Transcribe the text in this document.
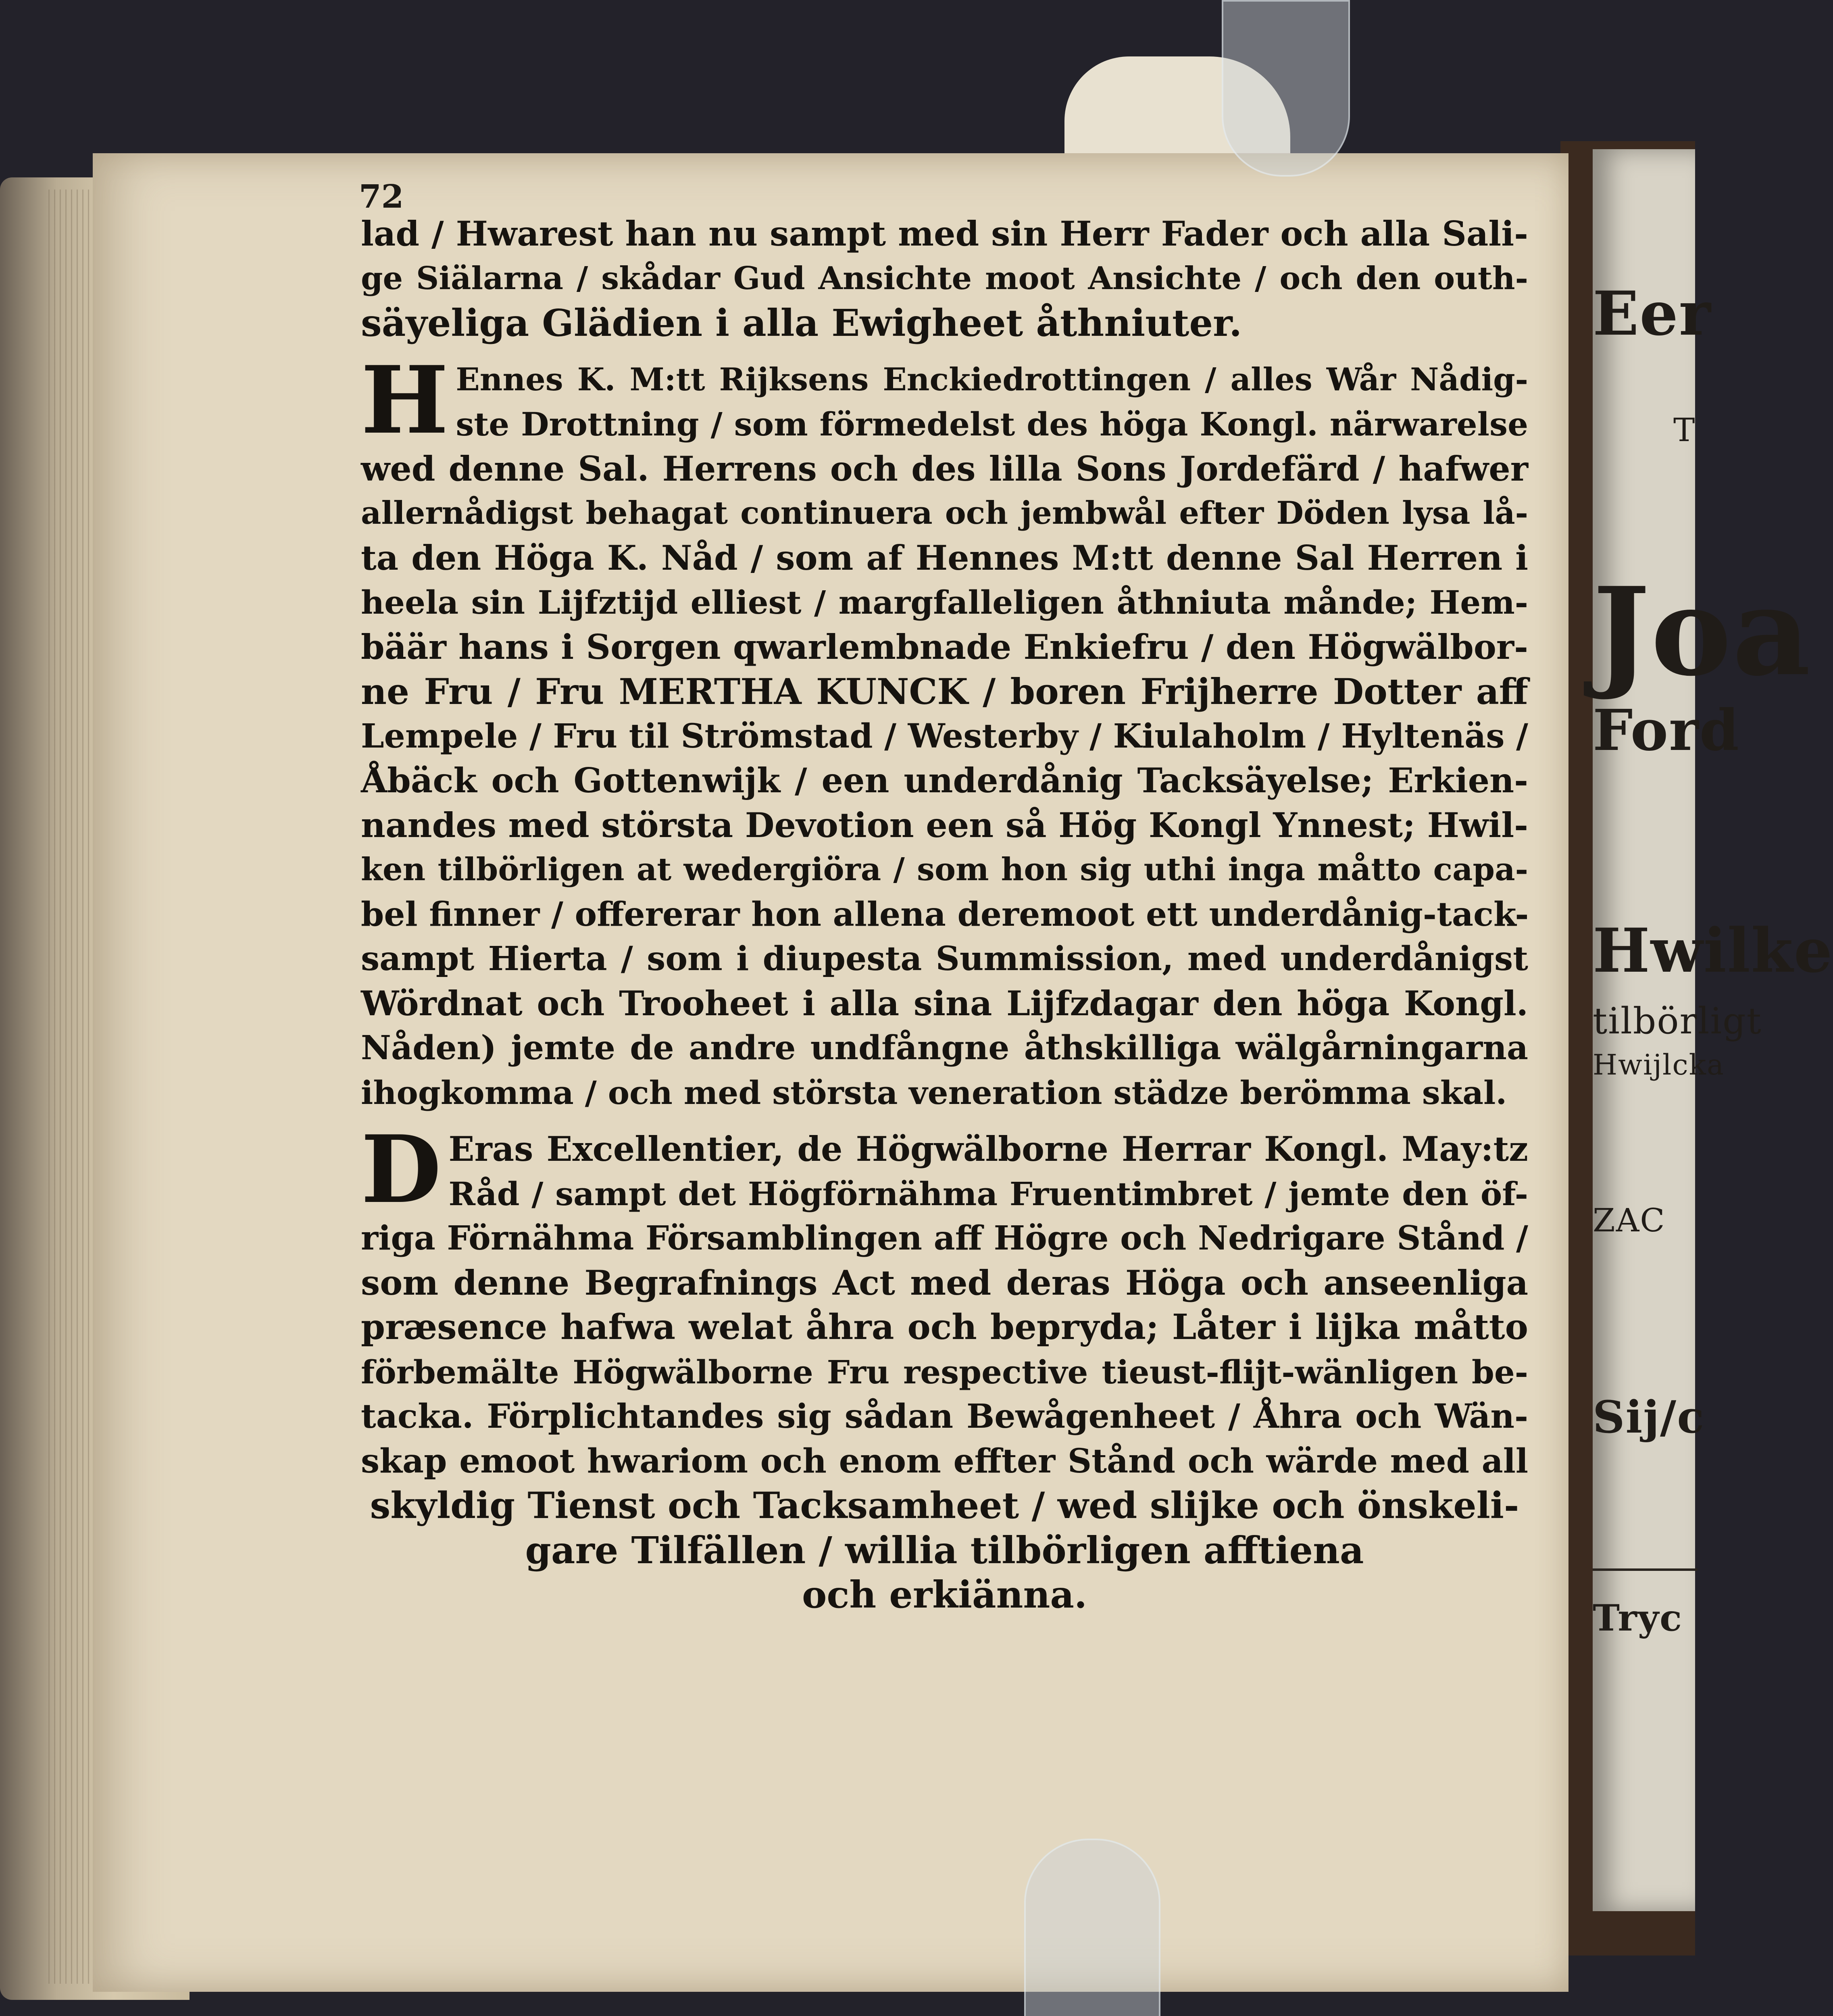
Eer
T
Joa
Ford
Hwilke
tilbörligt
Hwijlcka
ZAC
Sij/c
Tryc
72
lad / Hwarest han nu sampt med sin Herr Fader och alla Sali-
ge Siälarna / skådar Gud Ansichte moot Ansichte / och den outh-
säyeliga Glädien i alla Ewigheet åthniuter.
H Ennes K. M:tt Rijksens Enckiedrottingen / alles Wår Nådig-
ste Drottning / som förmedelst des höga Kongl. närwarelse
wed denne Sal. Herrens och des lilla Sons Jordefärd / hafwer
allernådigst behagat continuera och jembwål efter Döden lysa lå-
ta den Höga K. Nåd / som af Hennes M:tt denne Sal Herren i
heela sin Lijfztijd elliest / margfalleligen åthniuta månde; Hem-
bäär hans i Sorgen qwarlembnade Enkiefru / den Högwälbor-
ne Fru / Fru MERTHA KUNCK / boren Frijherre Dotter aff
Lempele / Fru til Strömstad / Westerby / Kiulaholm / Hyltenäs /
Åbäck och Gottenwijk / een underdånig Tacksäyelse; Erkien-
nandes med största Devotion een så Hög Kongl Ynnest; Hwil-
ken tilbörligen at wedergiöra / som hon sig uthi inga måtto capa-
bel finner / offererar hon allena deremoot ett underdånig-tack-
sampt Hierta / som i diupesta Summission, med underdånigst
Wördnat och Trooheet i alla sina Lijfzdagar den höga Kongl.
Nåden) jemte de andre undfångne åthskilliga wälgårningarna
ihogkomma / och med största veneration städze berömma skal.
D Eras Excellentier, de Högwälborne Herrar Kongl. May:tz
Råd / sampt det Högförnähma Fruentimbret / jemte den öf-
riga Förnähma Församblingen aff Högre och Nedrigare Stånd /
som denne Begrafnings Act med deras Höga och anseenliga
præsence hafwa welat åhra och beprydа; Låter i lijka måtto
förbemälte Högwälborne Fru respective tieust-flijt-wänligen be-
tacka. Förplichtandes sig sådan Bewågenheet / Åhra och Wän-
skap emoot hwariom och enom effter Stånd och wärde med all
skyldig Tienst och Tacksamheet / wed slijke och önskeli-
gare Tilfällen / willia tilbörligen afftiena
och erkiänna.
